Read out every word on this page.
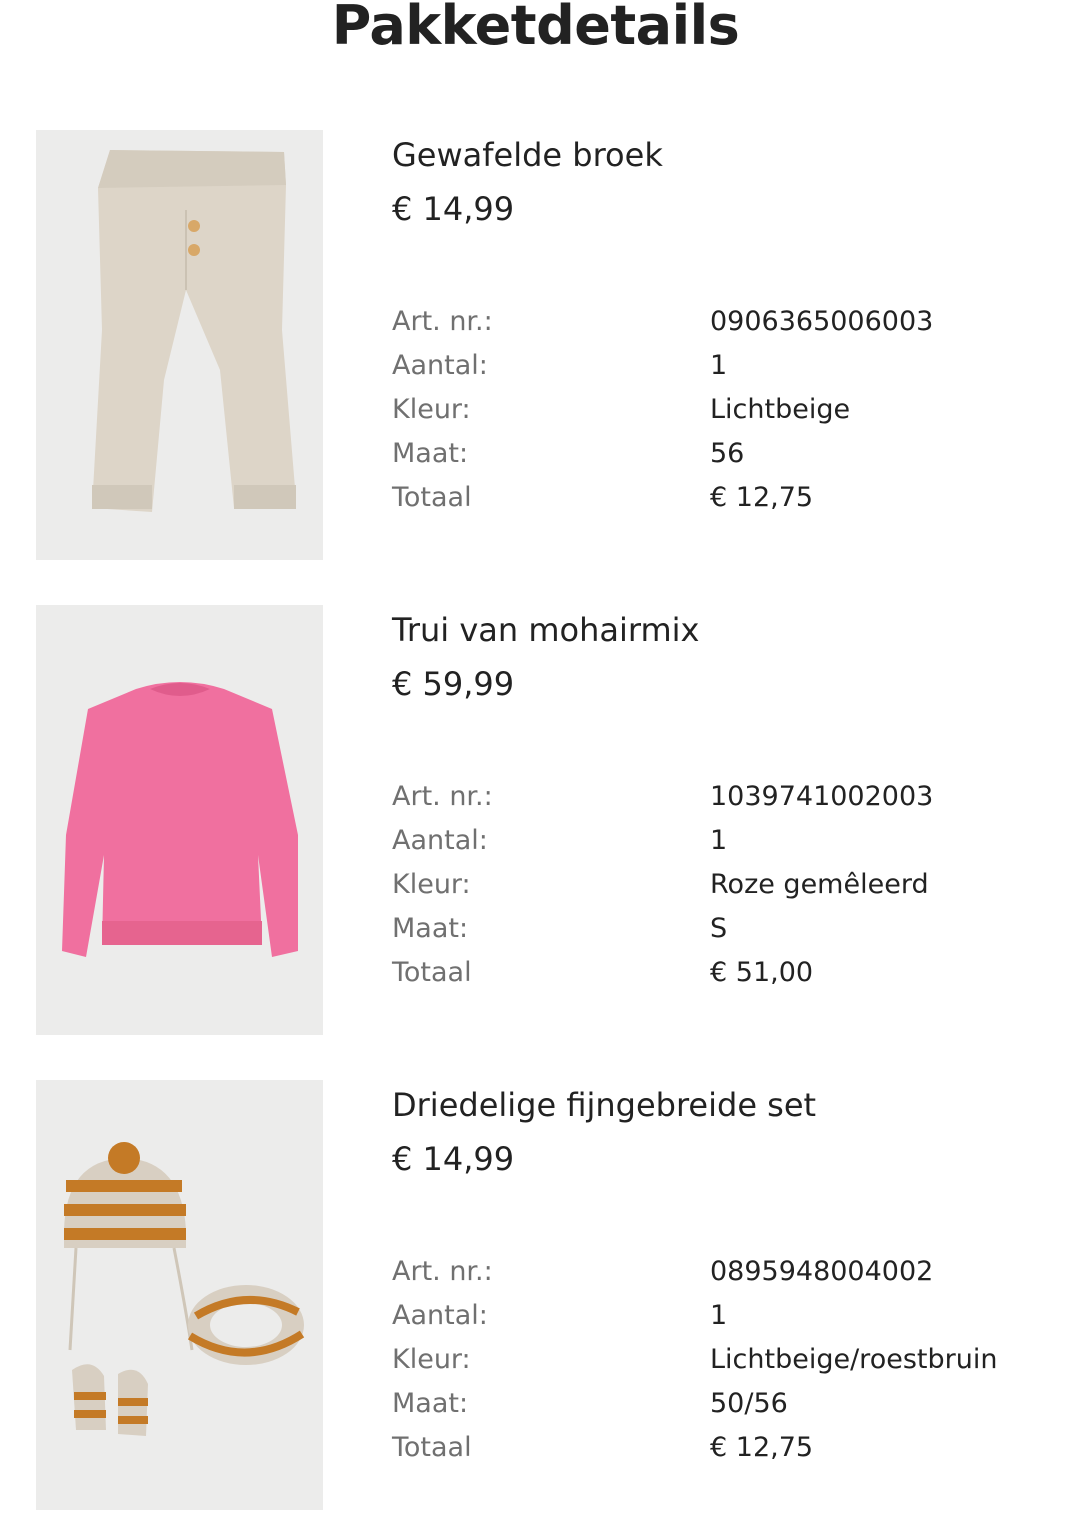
Pakketdetails
Gewafelde broek
€ 14,99
Art. nr.:	0906365006003
Aantal:	1
Kleur:	Lichtbeige
Maat:	56
Totaal	€ 12,75
Trui van mohairmix
€ 59,99
Art. nr.:	1039741002003
Aantal:	1
Kleur:	Roze gemêleerd
Maat:	S
Totaal	€ 51,00
Driedelige fijngebreide set
€ 14,99
Art. nr.:	0895948004002
Aantal:	1
Kleur:	Lichtbeige/roestbruin
Maat:	50/56
Totaal	€ 12,75
